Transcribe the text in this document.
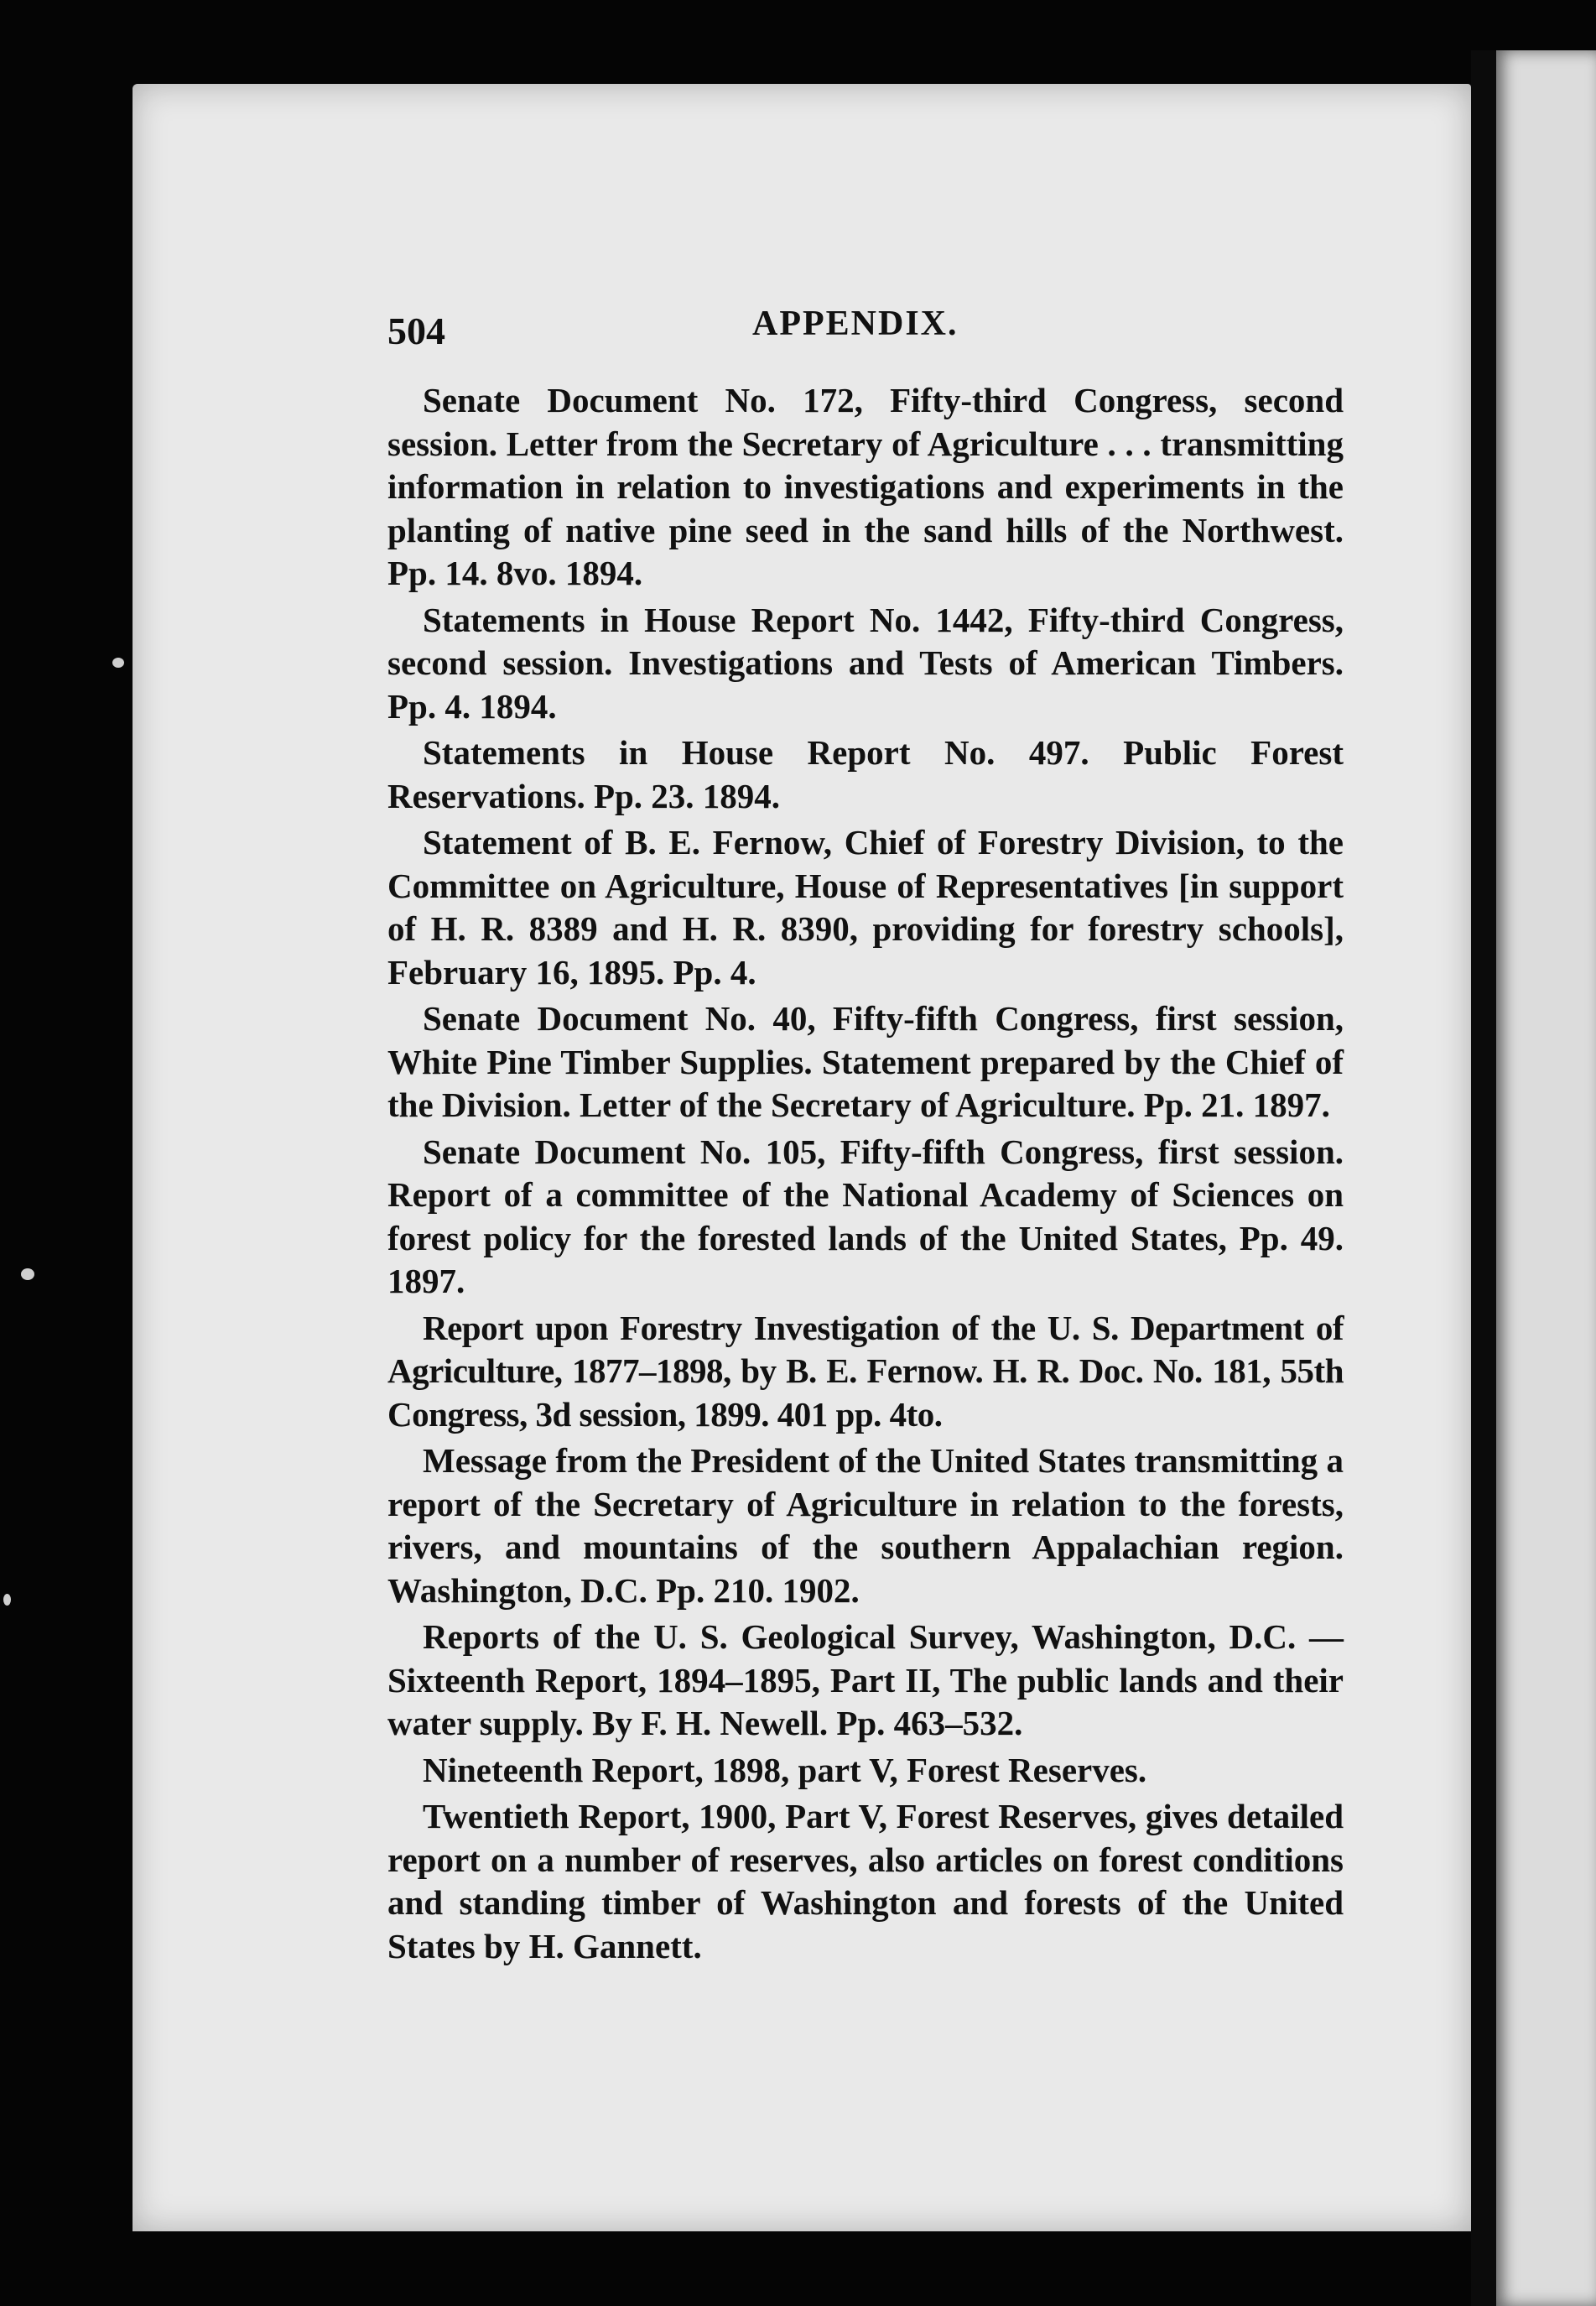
504	APPENDIX.

Senate Document No. 172, Fifty-third Congress, second session. Letter from the Secretary of Agriculture . . . transmitting information in relation to investigations and experiments in the planting of native pine seed in the sand hills of the Northwest. Pp. 14. 8vo. 1894.

Statements in House Report No. 1442, Fifty-third Congress, second session. Investigations and Tests of American Timbers. Pp. 4. 1894.

Statements in House Report No. 497. Public Forest Reservations. Pp. 23. 1894.

Statement of B. E. Fernow, Chief of Forestry Division, to the Committee on Agriculture, House of Representatives [in support of H. R. 8389 and H. R. 8390, providing for forestry schools], February 16, 1895. Pp. 4.

Senate Document No. 40, Fifty-fifth Congress, first session, White Pine Timber Supplies. Statement prepared by the Chief of the Division. Letter of the Secretary of Agriculture. Pp. 21. 1897.

Senate Document No. 105, Fifty-fifth Congress, first session. Report of a committee of the National Academy of Sciences on forest policy for the forested lands of the United States, Pp. 49. 1897.

Report upon Forestry Investigation of the U. S. Department of Agriculture, 1877–1898, by B. E. Fernow. H. R. Doc. No. 181, 55th Congress, 3d session, 1899. 401 pp. 4to.

Message from the President of the United States transmitting a report of the Secretary of Agriculture in relation to the forests, rivers, and mountains of the southern Appalachian region. Washington, D.C. Pp. 210. 1902.

Reports of the U. S. Geological Survey, Washington, D.C. — Sixteenth Report, 1894–1895, Part II, The public lands and their water supply. By F. H. Newell. Pp. 463–532.

Nineteenth Report, 1898, part V, Forest Reserves.

Twentieth Report, 1900, Part V, Forest Reserves, gives detailed report on a number of reserves, also articles on forest conditions and standing timber of Washington and forests of the United States by H. Gannett.
